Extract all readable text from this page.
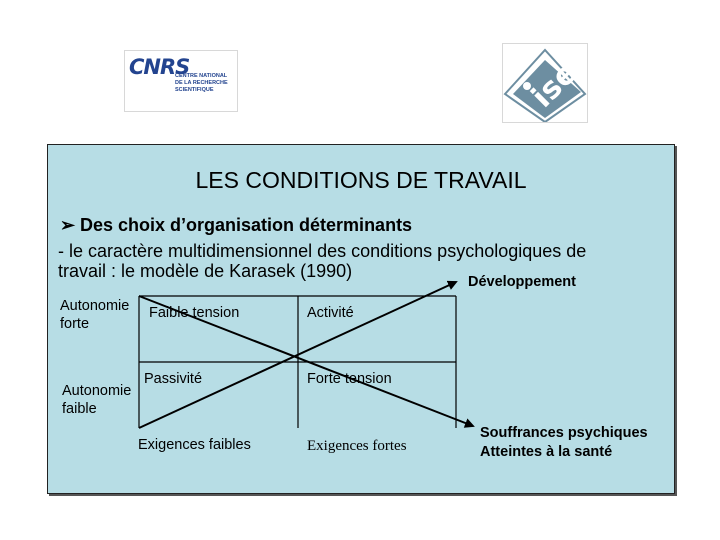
CNRS
CENTRE NATIONAL
DE LA RECHERCHE
SCIENTIFIQUE	ise
LES CONDITIONS DE TRAVAIL
➢ Des choix d’organisation déterminants
- le caractère multidimensionnel des conditions psychologiques de
travail : le modèle de Karasek (1990)
Développement
Autonomie forte
Autonomie faible
Faible tension	Activité
Passivité	Forte tension
Exigences faibles	Exigences fortes
Souffrances psychiques
Atteintes à la santé
